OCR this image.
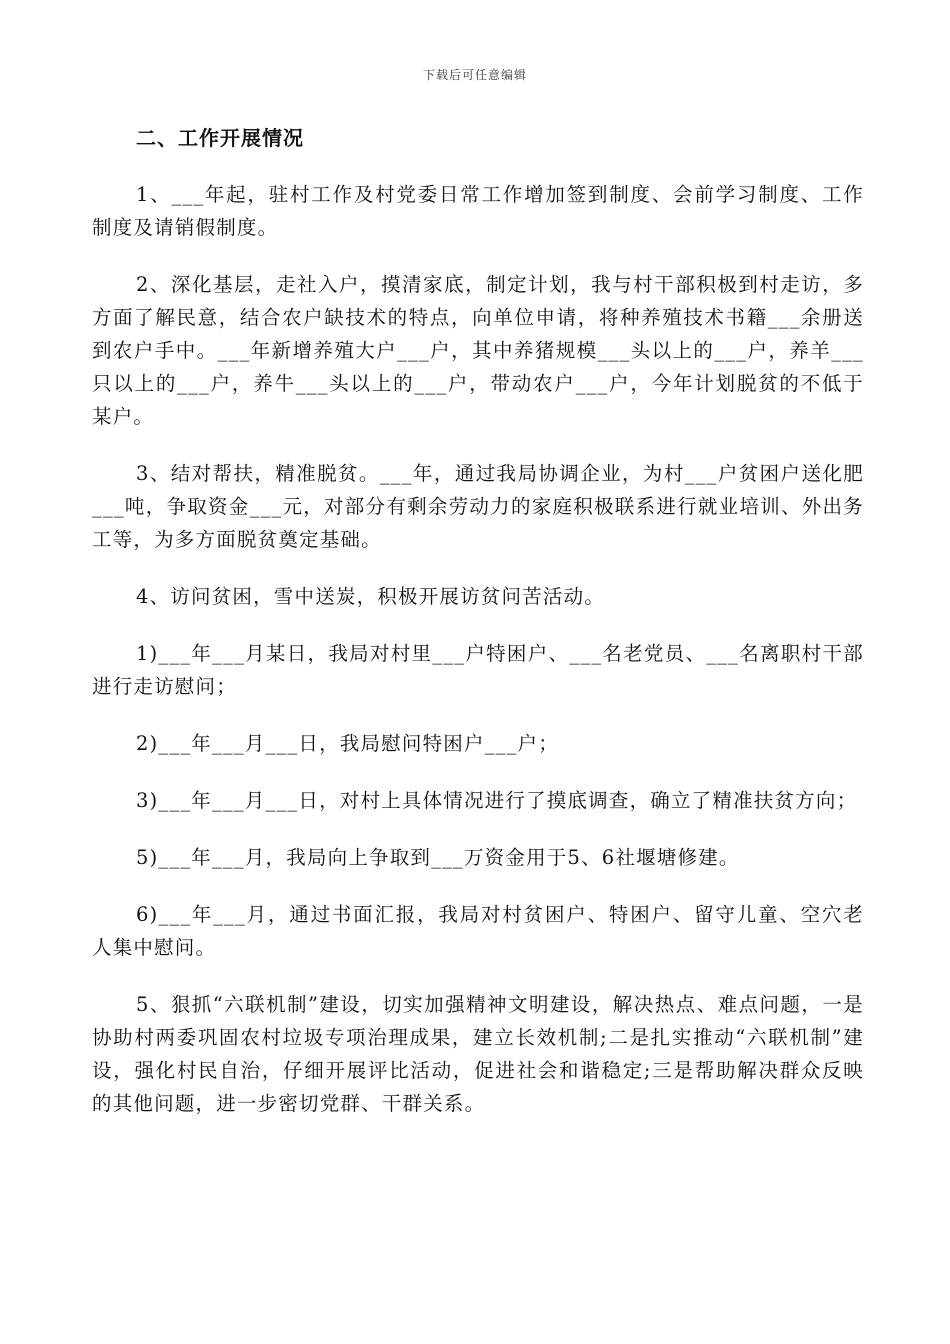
下载后可任意编辑
二、工作开展情况

1、___年起，驻村工作及村党委日常工作增加签到制度、会前学习制度、工作制度及请销假制度。

2、深化基层，走社入户，摸清家底，制定计划，我与村干部积极到村走访，多方面了解民意，结合农户缺技术的特点，向单位申请，将种养殖技术书籍___余册送到农户手中。___年新增养殖大户___户，其中养猪规模___头以上的___户，养羊___只以上的___户，养牛___头以上的___户，带动农户___户，今年计划脱贫的不低于某户。

3、结对帮扶，精准脱贫。___年，通过我局协调企业，为村___户贫困户送化肥___吨，争取资金___元，对部分有剩余劳动力的家庭积极联系进行就业培训、外出务工等，为多方面脱贫奠定基础。

4、访问贫困，雪中送炭，积极开展访贫问苦活动。

1)___年___月某日，我局对村里___户特困户、___名老党员、___名离职村干部进行走访慰问；

2)___年___月___日，我局慰问特困户___户；

3)___年___月___日，对村上具体情况进行了摸底调查，确立了精准扶贫方向；

5)___年___月，我局向上争取到___万资金用于5、6社堰塘修建。

6)___年___月，通过书面汇报，我局对村贫困户、特困户、留守儿童、空穴老人集中慰问。

5、狠抓“六联机制”建设，切实加强精神文明建设，解决热点、难点问题，一是协助村两委巩固农村垃圾专项治理成果，建立长效机制;二是扎实推动“六联机制”建设，强化村民自治，仔细开展评比活动，促进社会和谐稳定;三是帮助解决群众反映的其他问题，进一步密切党群、干群关系。
